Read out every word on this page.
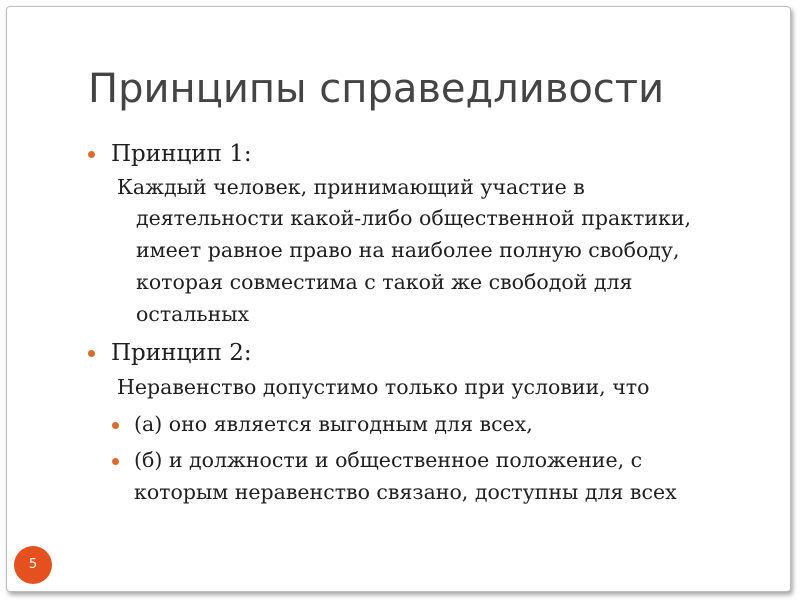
Принципы справедливости
Принцип 1:
Каждый человек, принимающий участие в
деятельности какой-либо общественной практики,
имеет равное право на наиболее полную свободу,
которая совместима с такой же свободой для
остальных
Принцип 2:
Неравенство допустимо только при условии, что
(а) оно является выгодным для всех,
(б) и должности и общественное положение, с
которым неравенство связано, доступны для всех
5
